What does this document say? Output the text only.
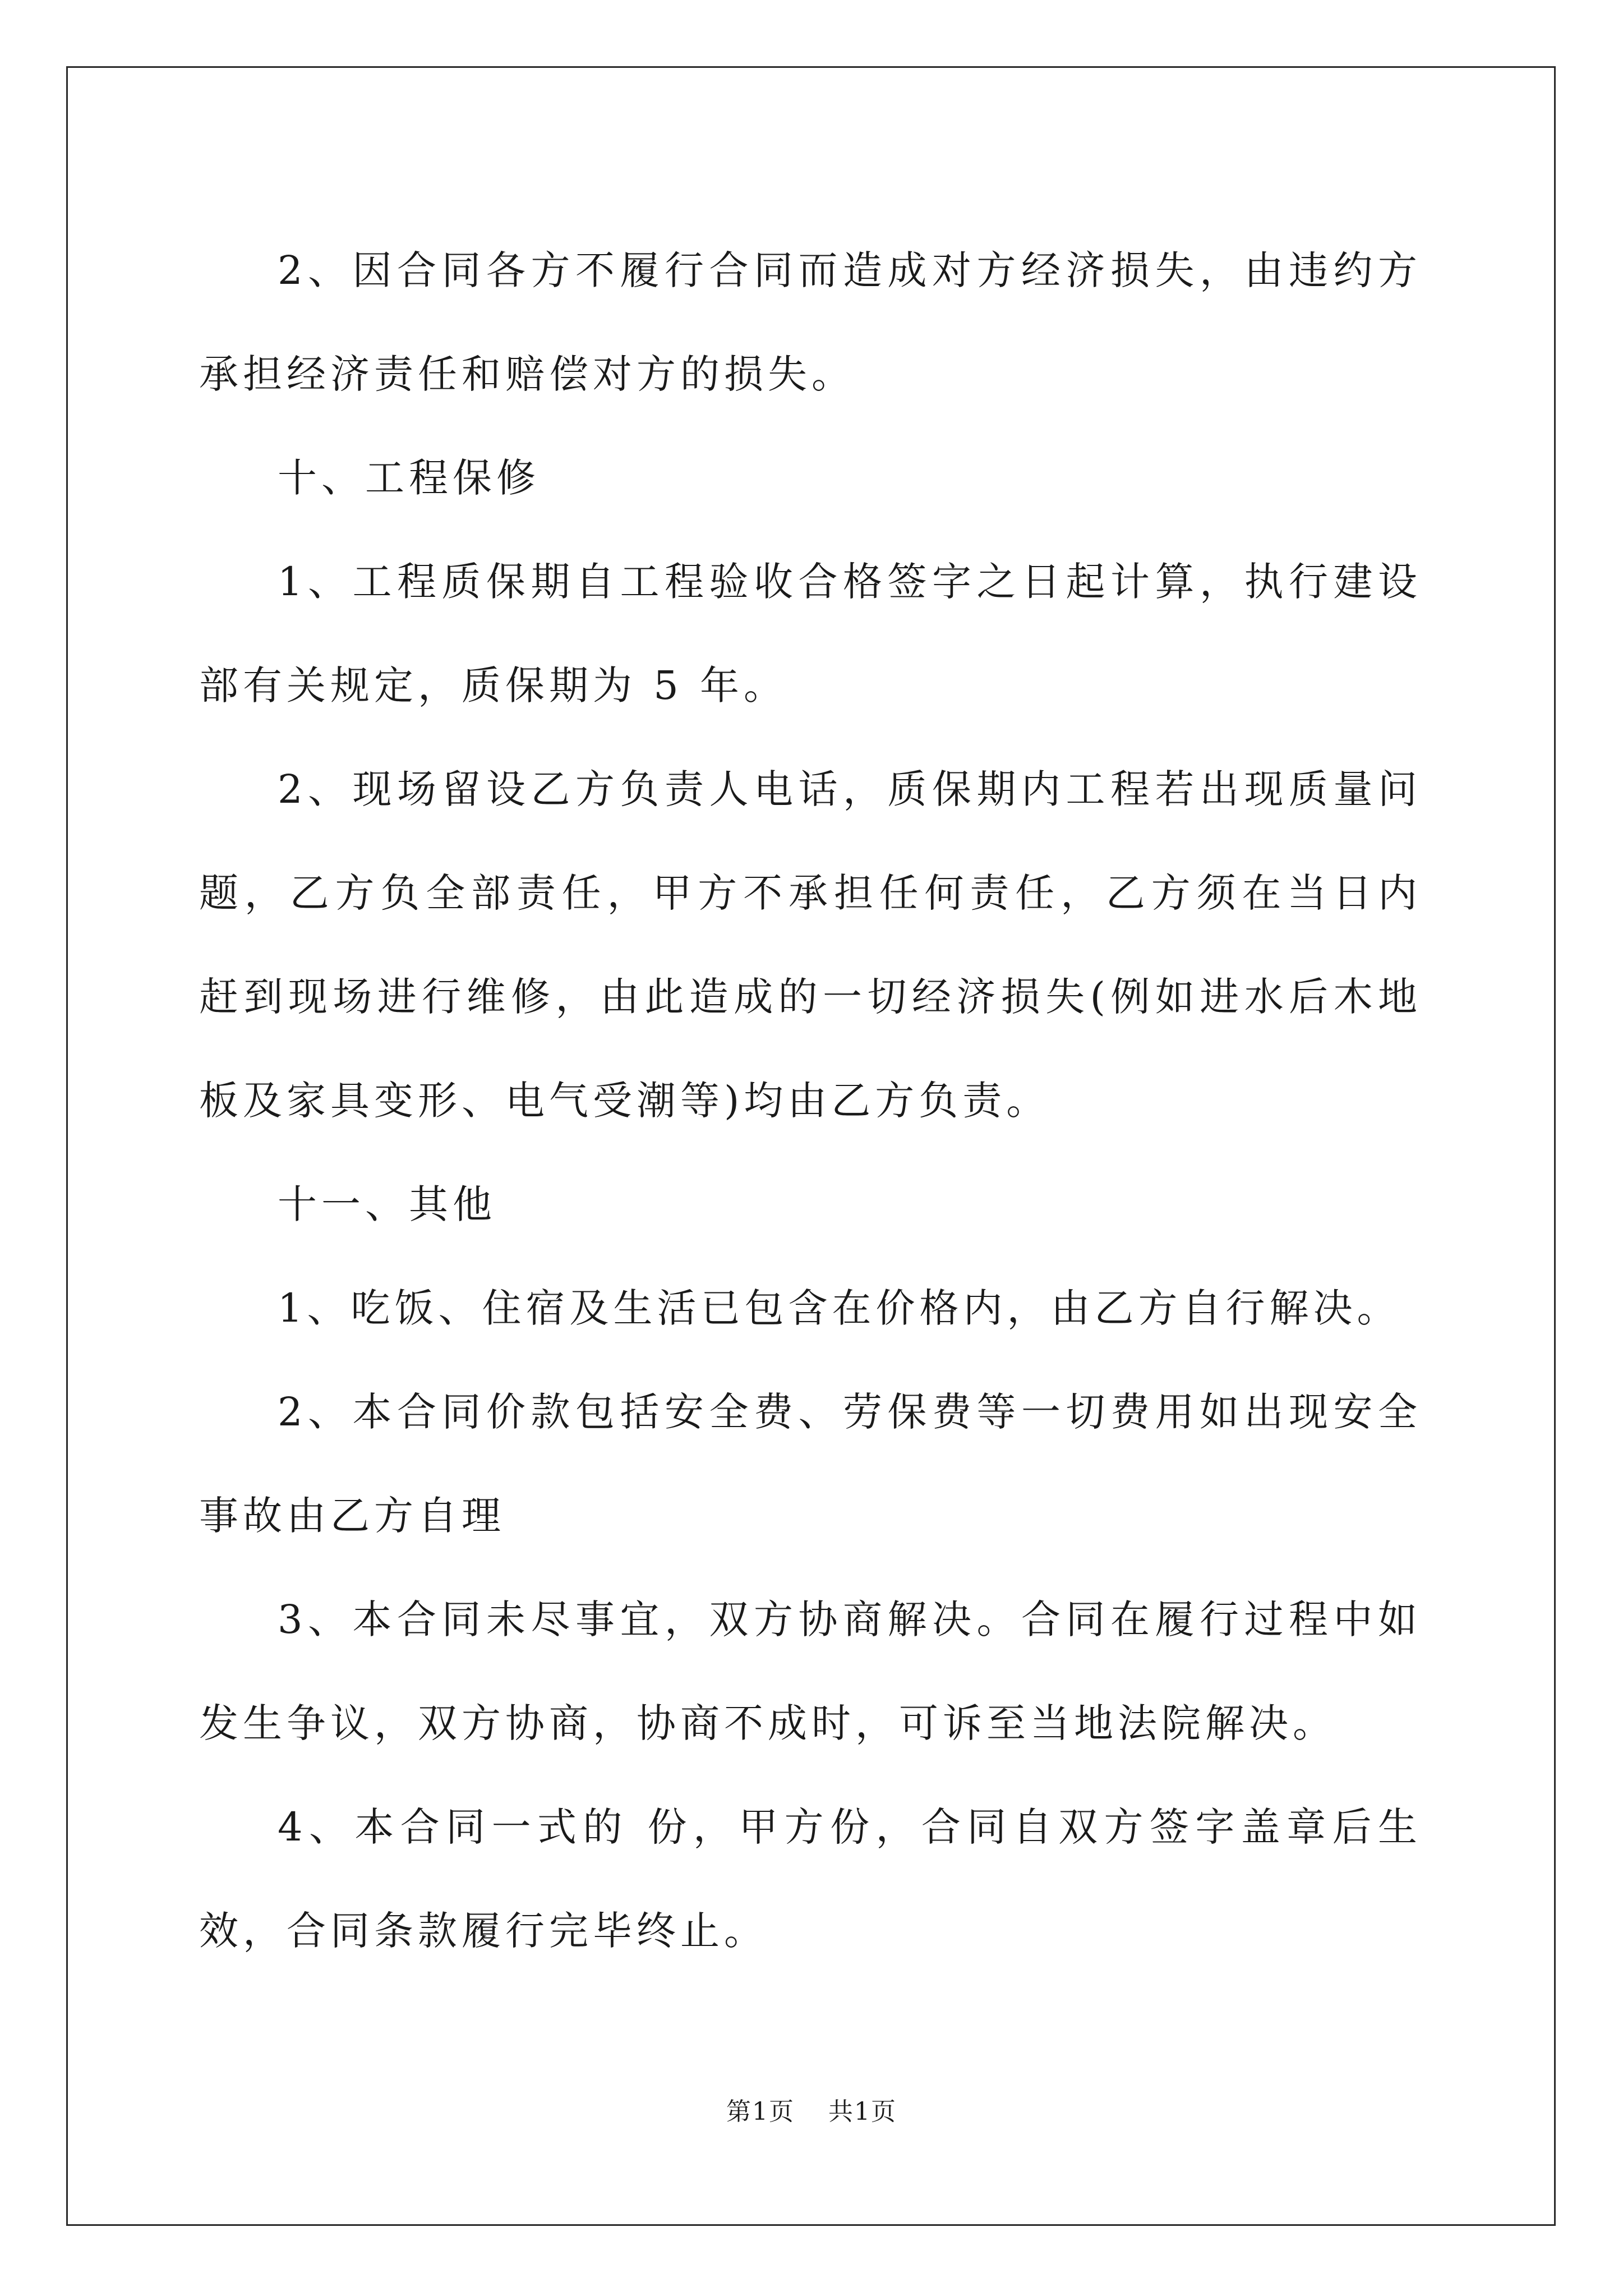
2、因合同各方不履行合同而造成对方经济损失，由违约方承担经济责任和赔偿对方的损失。

十、工程保修

1、工程质保期自工程验收合格签字之日起计算，执行建设部有关规定，质保期为 5 年。

2、现场留设乙方负责人电话，质保期内工程若出现质量问题，乙方负全部责任，甲方不承担任何责任，乙方须在当日内赶到现场进行维修，由此造成的一切经济损失(例如进水后木地板及家具变形、电气受潮等)均由乙方负责。

十一、其他

1、吃饭、住宿及生活已包含在价格内，由乙方自行解决。

2、本合同价款包括安全费、劳保费等一切费用如出现安全事故由乙方自理

3、本合同未尽事宜，双方协商解决。合同在履行过程中如发生争议，双方协商，协商不成时，可诉至当地法院解决。

4、本合同一式的 份，甲方份，合同自双方签字盖章后生效，合同条款履行完毕终止。

第1页 共1页
